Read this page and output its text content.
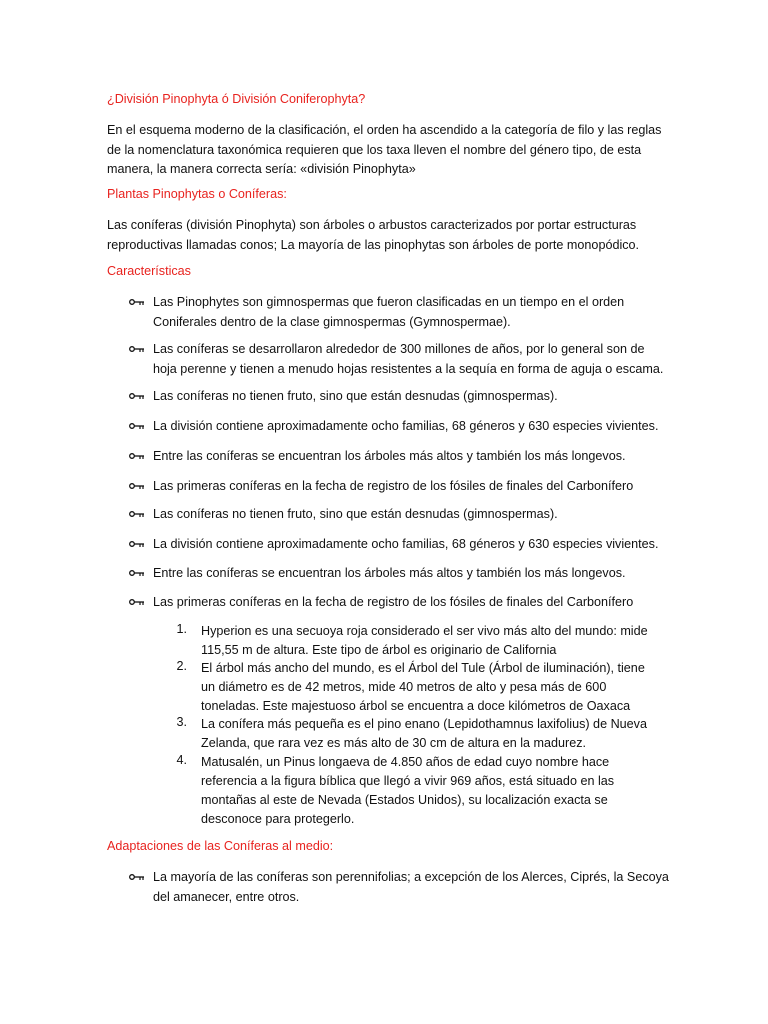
¿División Pinophyta ó División Coniferophyta?
En el esquema moderno de la clasificación, el orden ha ascendido a la categoría de filo y las reglas de la nomenclatura taxonómica requieren que los taxa lleven el nombre del género tipo, de esta manera, la manera correcta sería: «división Pinophyta»
Plantas Pinophytas o Coníferas:
Las coníferas (división Pinophyta) son árboles o arbustos caracterizados por portar estructuras reproductivas llamadas conos; La mayoría de las pinophytas son árboles de porte monopódico.
Características
Las Pinophytes son gimnospermas que fueron clasificadas en un tiempo en el orden Coniferales dentro de la clase gimnospermas (Gymnospermae).
Las coníferas se desarrollaron alrededor de 300 millones de años, por lo general son de hoja perenne y tienen a menudo hojas resistentes a la sequía en forma de aguja o escama.
Las coníferas no tienen fruto, sino que están desnudas (gimnospermas).
La división contiene aproximadamente ocho familias, 68 géneros y 630 especies vivientes.
Entre las coníferas se encuentran los árboles más altos y también los más longevos.
Las primeras coníferas en la fecha de registro de los fósiles de finales del Carbonífero
Las coníferas no tienen fruto, sino que están desnudas (gimnospermas).
La división contiene aproximadamente ocho familias, 68 géneros y 630 especies vivientes.
Entre las coníferas se encuentran los árboles más altos y también los más longevos.
Las primeras coníferas en la fecha de registro de los fósiles de finales del Carbonífero
1. Hyperion es una secuoya roja considerado el ser vivo más alto del mundo: mide 115,55 m de altura. Este tipo de árbol es originario de California
2. El árbol más ancho del mundo, es el Árbol del Tule (Árbol de iluminación), tiene un diámetro es de 42 metros, mide 40 metros de alto y pesa más de 600 toneladas. Este majestuoso árbol se encuentra a doce kilómetros de Oaxaca
3. La conífera más pequeña es el pino enano (Lepidothamnus laxifolius) de Nueva Zelanda, que rara vez es más alto de 30 cm de altura en la madurez.
4. Matusalén, un Pinus longaeva de 4.850 años de edad cuyo nombre hace referencia a la figura bíblica que llegó a vivir 969 años, está situado en las montañas al este de Nevada (Estados Unidos), su localización exacta se desconoce para protegerlo.
Adaptaciones de las Coníferas al medio:
La mayoría de las coníferas son perennifolias; a excepción de los Alerces, Ciprés, la Secoya del amanecer, entre otros.
